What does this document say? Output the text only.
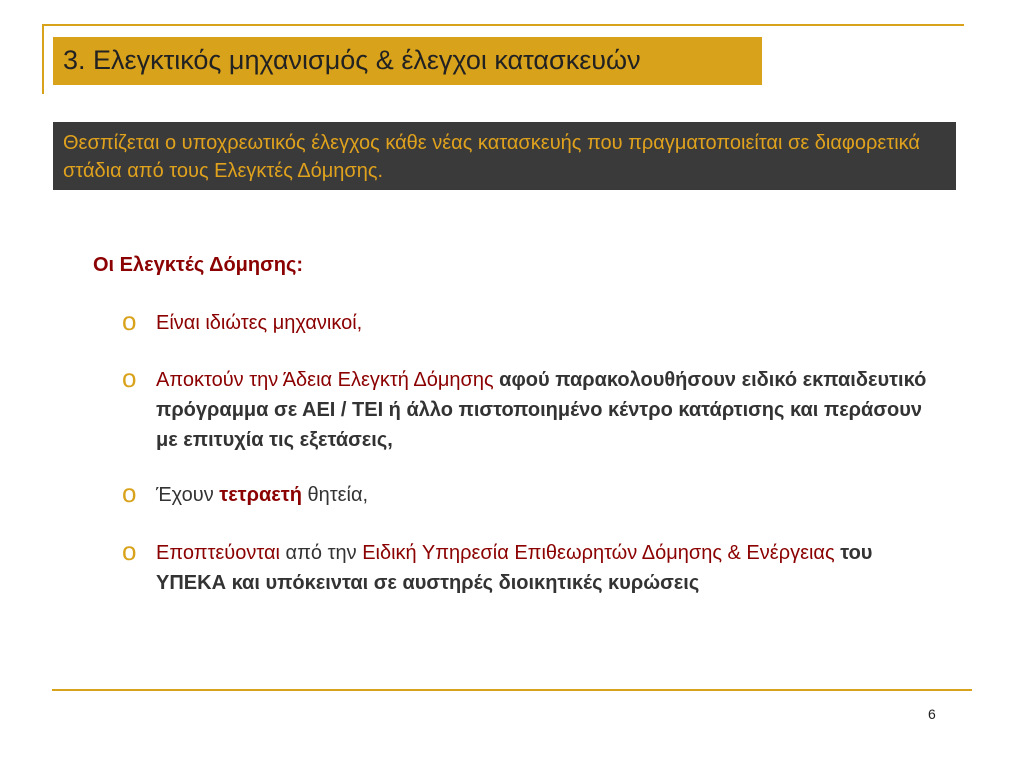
3. Ελεγκτικός μηχανισμός & έλεγχοι κατασκευών
Θεσπίζεται ο υποχρεωτικός έλεγχος κάθε νέας κατασκευής που πραγματοποιείται σε διαφορετικά στάδια από τους Ελεγκτές Δόμησης.
Οι Ελεγκτές Δόμησης:
o Είναι ιδιώτες μηχανικοί,
o Αποκτούν την Άδεια Ελεγκτή Δόμησης αφού παρακολουθήσουν ειδικό εκπαιδευτικό πρόγραμμα σε ΑΕΙ / ΤΕΙ ή άλλο πιστοποιημένο κέντρο κατάρτισης και περάσουν με επιτυχία τις εξετάσεις,
o Έχουν τετραετή θητεία,
o Εποπτεύονται από την Ειδική Υπηρεσία Επιθεωρητών Δόμησης & Ενέργειας του ΥΠΕΚΑ και υπόκεινται σε αυστηρές διοικητικές κυρώσεις
6
